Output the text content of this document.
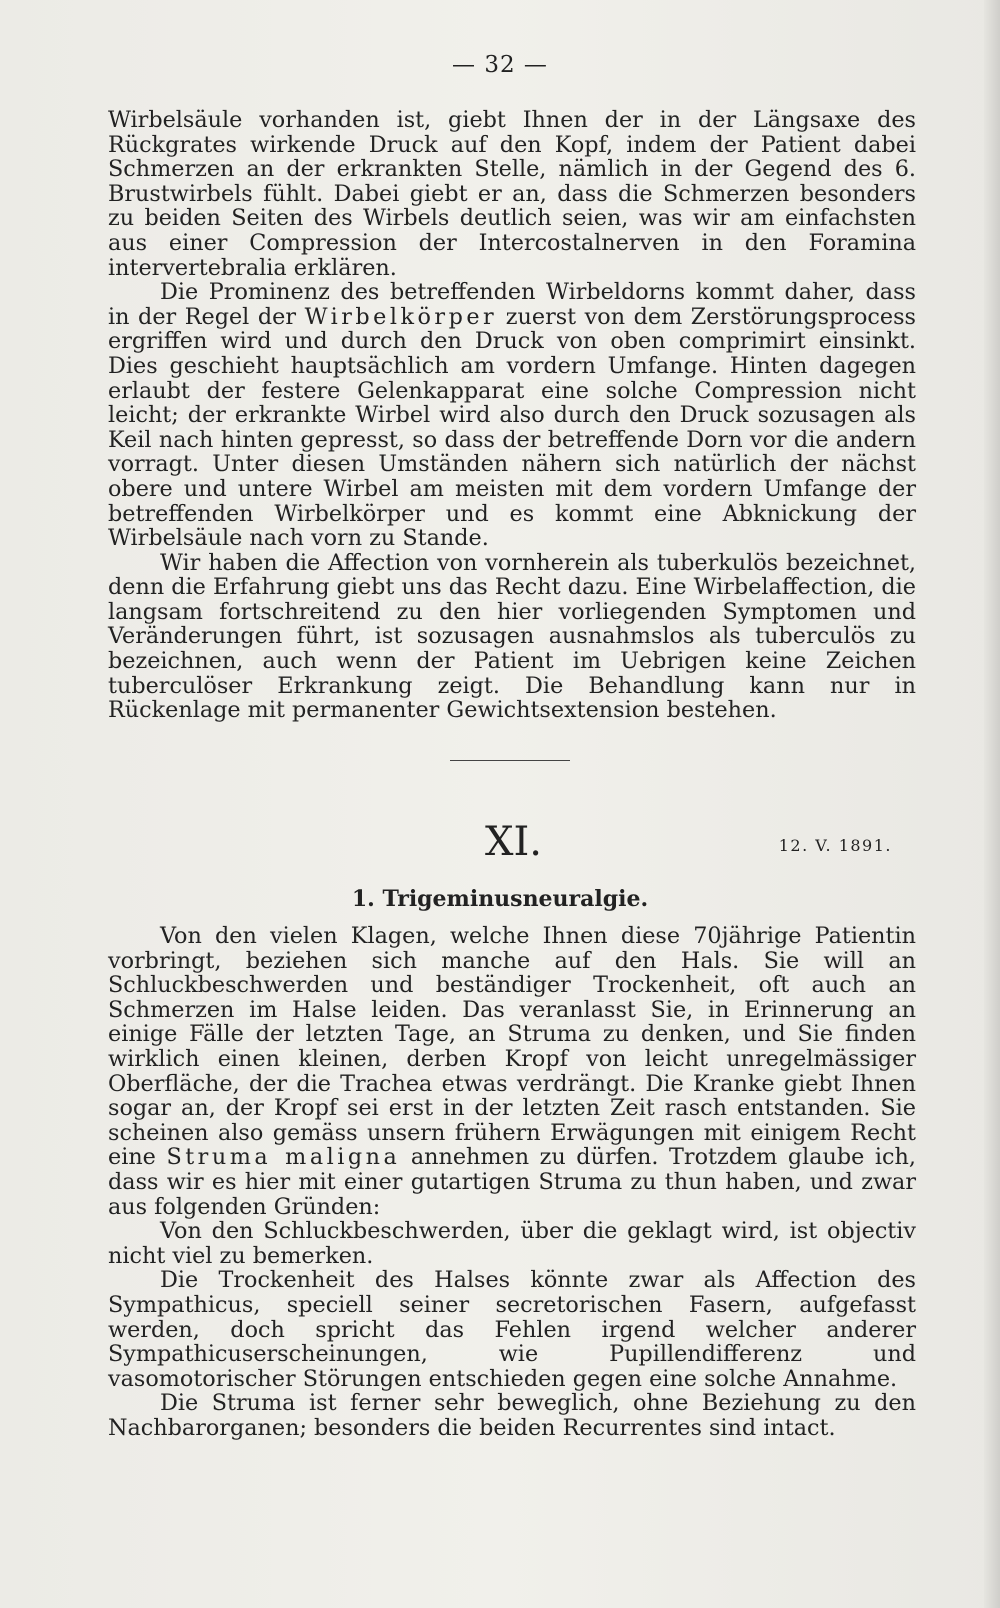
— 32 —

Wirbelsäule vorhanden ist, giebt Ihnen der in der Längsaxe des Rückgrates wirkende Druck auf den Kopf, indem der Patient dabei Schmerzen an der erkrankten Stelle, nämlich in der Gegend des 6. Brustwirbels fühlt. Dabei giebt er an, dass die Schmerzen besonders zu beiden Seiten des Wirbels deutlich seien, was wir am einfachsten aus einer Compression der Intercostalnerven in den Foramina intervertebralia erklären.

Die Prominenz des betreffenden Wirbeldorns kommt daher, dass in der Regel der Wirbelkörper zuerst von dem Zerstörungsprocess ergriffen wird und durch den Druck von oben comprimirt einsinkt. Dies geschieht hauptsächlich am vordern Umfange. Hinten dagegen erlaubt der festere Gelenkapparat eine solche Compression nicht leicht; der erkrankte Wirbel wird also durch den Druck sozusagen als Keil nach hinten gepresst, so dass der betreffende Dorn vor die andern vorragt. Unter diesen Umständen nähern sich natürlich der nächst obere und untere Wirbel am meisten mit dem vordern Umfange der betreffenden Wirbelkörper und es kommt eine Abknickung der Wirbelsäule nach vorn zu Stande.

Wir haben die Affection von vornherein als tuberkulös bezeichnet, denn die Erfahrung giebt uns das Recht dazu. Eine Wirbelaffection, die langsam fortschreitend zu den hier vorliegenden Symptomen und Veränderungen führt, ist sozusagen ausnahmslos als tuberculös zu bezeichnen, auch wenn der Patient im Uebrigen keine Zeichen tuberculöser Erkrankung zeigt. Die Behandlung kann nur in Rückenlage mit permanenter Gewichtsextension bestehen.

XI.	12. V. 1891.
1. Trigeminusneuralgie.

Von den vielen Klagen, welche Ihnen diese 70jährige Patientin vorbringt, beziehen sich manche auf den Hals. Sie will an Schluckbeschwerden und beständiger Trockenheit, oft auch an Schmerzen im Halse leiden. Das veranlasst Sie, in Erinnerung an einige Fälle der letzten Tage, an Struma zu denken, und Sie finden wirklich einen kleinen, derben Kropf von leicht unregelmässiger Oberfläche, der die Trachea etwas verdrängt. Die Kranke giebt Ihnen sogar an, der Kropf sei erst in der letzten Zeit rasch entstanden. Sie scheinen also gemäss unsern frühern Erwägungen mit einigem Recht eine Struma maligna annehmen zu dürfen. Trotzdem glaube ich, dass wir es hier mit einer gutartigen Struma zu thun haben, und zwar aus folgenden Gründen:

Von den Schluckbeschwerden, über die geklagt wird, ist objectiv nicht viel zu bemerken.

Die Trockenheit des Halses könnte zwar als Affection des Sympathicus, speciell seiner secretorischen Fasern, aufgefasst werden, doch spricht das Fehlen irgend welcher anderer Sympathicuserscheinungen, wie Pupillendifferenz und vasomotorischer Störungen entschieden gegen eine solche Annahme.

Die Struma ist ferner sehr beweglich, ohne Beziehung zu den Nachbarorganen; besonders die beiden Recurrentes sind intact.
